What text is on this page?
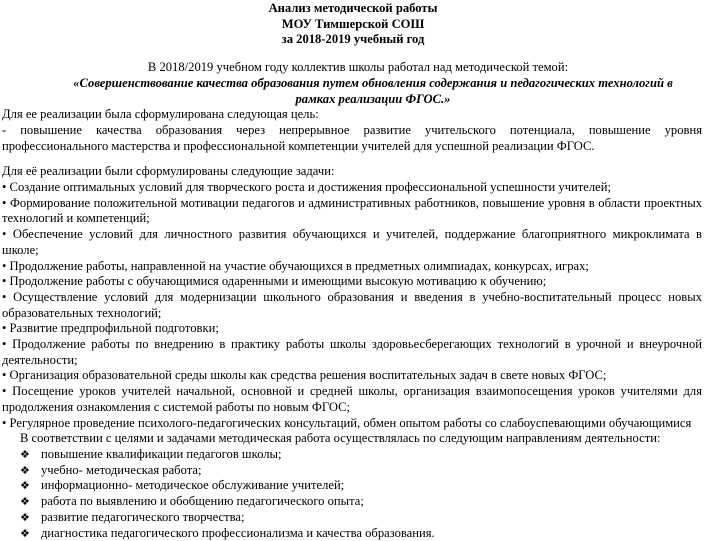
Анализ методической работы
МОУ Тимшерской СОШ
за 2018-2019 учебный год
В 2018/2019 учебном году коллектив школы работал над методической темой:
«Совершенствование качества образования путем обновления содержания и педагогических технологий в рамках реализации ФГОС.»
Для ее реализации была сформулирована следующая цель:
- повышение качества образования через непрерывное развитие учительского потенциала, повышение уровня профессионального мастерства и профессиональной компетенции учителей для успешной реализации ФГОС.
Для её реализации были сформулированы следующие задачи:
• Создание оптимальных условий для творческого роста и достижения профессиональной успешности учителей;
• Формирование положительной мотивации педагогов и административных работников, повышение уровня в области проектных технологий и компетенций;
• Обеспечение условий для личностного развития обучающихся и учителей, поддержание благоприятного микроклимата в школе;
• Продолжение работы, направленной на участие обучающихся в предметных олимпиадах, конкурсах, играх;
• Продолжение работы с обучающимися одаренными и имеющими высокую мотивацию к обучению;
• Осуществление условий для модернизации школьного образования и введения в учебно-воспитательный процесс новых образовательных технологий;
• Развитие предпрофильной подготовки;
• Продолжение работы по внедрению в практику работы школы здоровьесберегающих технологий в урочной и внеурочной деятельности;
• Организация образовательной среды школы как средства решения воспитательных задач в свете новых ФГОС;
• Посещение уроков учителей начальной, основной и средней школы, организация взаимопосещения уроков учителями для продолжения ознакомления с системой работы по новым ФГОС;
• Регулярное проведение психолого-педагогических консультаций, обмен опытом работы со слабоуспевающими обучающимися
В соответствии с целями и задачами методическая работа осуществлялась по следующим направлениям деятельности:
❖ повышение квалификации педагогов школы;
❖ учебно- методическая работа;
❖ информационно- методическое обслуживание учителей;
❖ работа по выявлению и обобщению педагогического опыта;
❖ развитие педагогического творчества;
❖ диагностика педагогического профессионализма и качества образования.
